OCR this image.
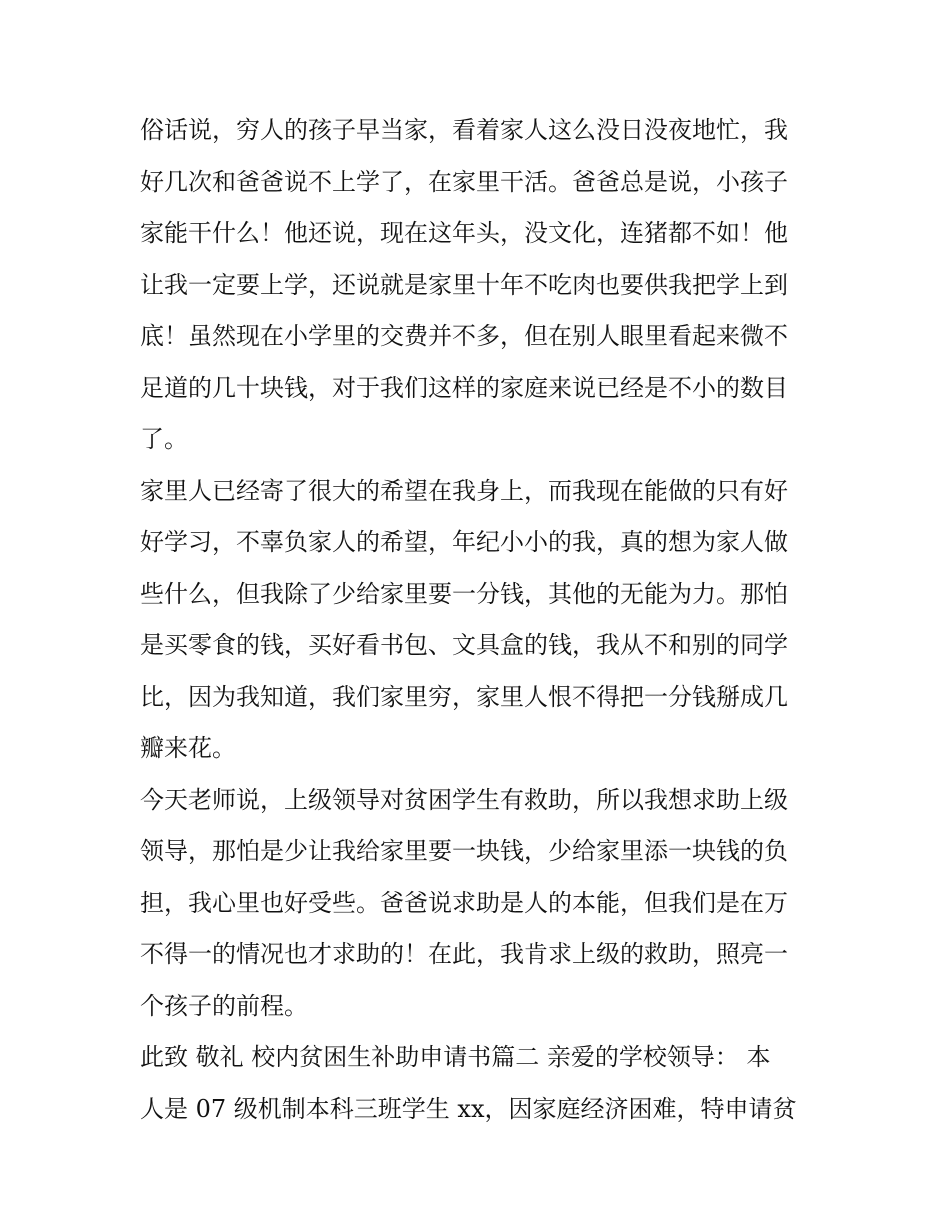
俗话说，穷人的孩子早当家，看着家人这么没日没夜地忙，我
好几次和爸爸说不上学了，在家里干活。爸爸总是说，小孩子
家能干什么！他还说，现在这年头，没文化，连猪都不如！他
让我一定要上学，还说就是家里十年不吃肉也要供我把学上到
底！虽然现在小学里的交费并不多，但在别人眼里看起来微不
足道的几十块钱，对于我们这样的家庭来说已经是不小的数目
了。
家里人已经寄了很大的希望在我身上，而我现在能做的只有好
好学习，不辜负家人的希望，年纪小小的我，真的想为家人做
些什么，但我除了少给家里要一分钱，其他的无能为力。那怕
是买零食的钱，买好看书包、文具盒的钱，我从不和别的同学
比，因为我知道，我们家里穷，家里人恨不得把一分钱掰成几
瓣来花。
今天老师说，上级领导对贫困学生有救助，所以我想求助上级
领导，那怕是少让我给家里要一块钱，少给家里添一块钱的负
担，我心里也好受些。爸爸说求助是人的本能，但我们是在万
不得一的情况也才求助的！在此，我肯求上级的救助，照亮一
个孩子的前程。
此致 敬礼 校内贫困生补助申请书篇二 亲爱的学校领导： 本
人是 07 级机制本科三班学生 xx，因家庭经济困难，特申请贫
